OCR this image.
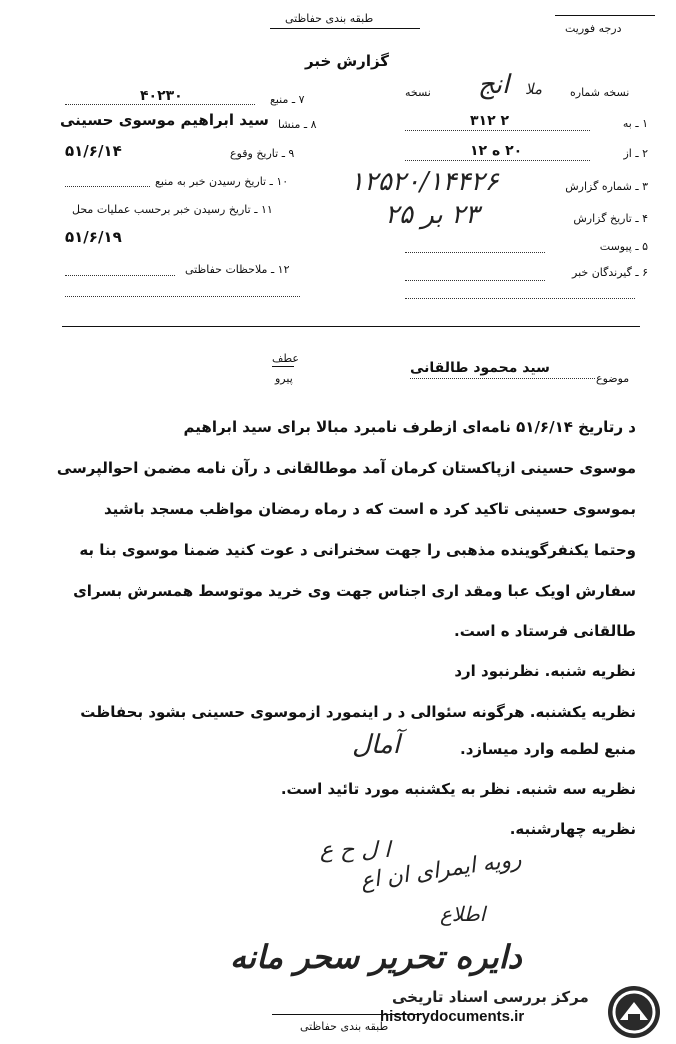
طبقه بندی حفاظتی
درجه فوریت
گزارش خبر
نسخه شماره
ملا
نسخه انج
۱ ـ به
۳۱۲ ۲
۲ ـ از
۲۰ ه ۱۲
۳ ـ شماره گزارش
۱۲۵۲۰/۱۴۴۲۶
۴ ـ تاریخ گزارش
۲۳ بر ۲۵
۵ ـ پیوست
۶ ـ گیرندگان خبر
۷ ـ منبع
۴۰۲۳۰
۸ ـ منشا
سید ابراهیم موسوی حسینی
۹ ـ تاریخ وقوع
۵۱/۶/۱۴
۱۰ ـ تاریخ رسیدن خبر به منبع
۱۱ ـ تاریخ رسیدن خبر برحسب عملیات محل
۵۱/۶/۱۹
۱۲ ـ ملاحظات حفاظتی
عطف
پیرو	موضوع
سید محمود طالقانی
د رتاریخ ۵۱/۶/۱۴ نامه‌ای ازطرف نامبرد مبالا برای سید ابراهیم
موسوی حسینی ازپاکستان کرمان آمد موطالقانی د رآن نامه مضمن احوالپرسی
بموسوی حسینی تاکید کرد ه است که د رماه رمضان مواظب مسجد باشید
وحتما یکنفرگوینده مذهبی را جهت سخنرانی د عوت کنید ضمنا موسوی بنا به
سفارش اویک عبا ومقد اری اجناس جهت وی خرید موتوسط همسرش بسرای
طالقانی فرستاد ه است.
نظریه شنبه. نظرنبود ارد
نظریه یکشنبه. هرگونه سئوالی د ر اینمورد ازموسوی حسینی بشود بحفاظت
منبع لطمه وارد میسازد.
نظریه سه شنبه. نظر به یکشنبه مورد تائید است.
نظریه چهارشنبه.
آمال
ا ل ح ع
رویه ایمرای ان اع
اطلاع
دایره تحریر سحر مانه
طبقه بندی حفاظتی
مرکز بررسی اسناد تاریخی
historydocuments.ir
